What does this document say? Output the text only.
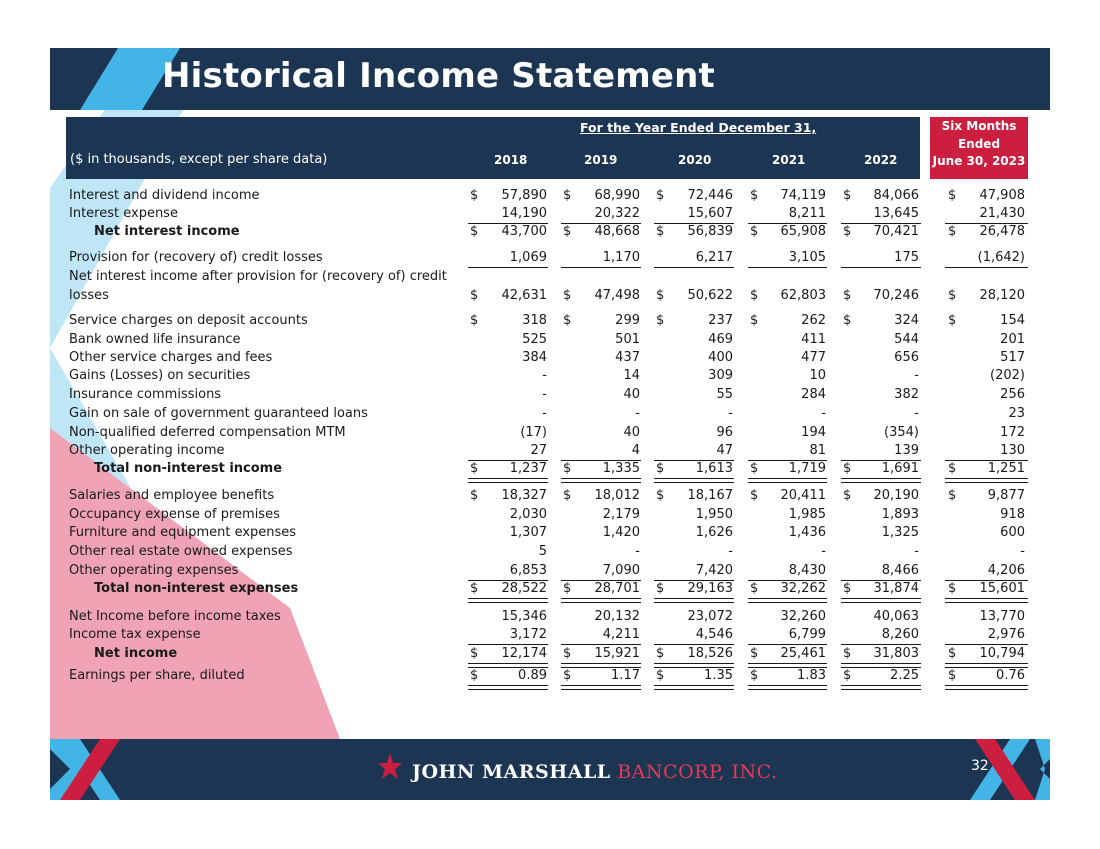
Historical Income Statement
For the Year Ended December 31,
($ in thousands, except per share data)	2018	2019	2020	2021	2022
Six Months
Ended
June 30, 2023
Interest and dividend income	$ 57,890 $ 68,990 $ 72,446 $ 74,119 $ 84,066 $ 47,908
Interest expense	14,190	20,322	15,607	8,211	13,645	21,430
Net interest income	$ 43,700 $ 48,668 $ 56,839 $ 65,908 $ 70,421 $ 26,478
Provision for (recovery of) credit losses	1,069	1,170	6,217	3,105	175	(1,642)
Net interest income after provision for (recovery of) credit
losses	$ 42,631 $ 47,498 $ 50,622 $ 62,803 $ 70,246 $ 28,120
Service charges on deposit accounts	$	318 $	299 $	237 $	262 $	324 $	154
Bank owned life insurance	525	501	469	411	544	201
Other service charges and fees	384	437	400	477	656	517
Gains (Losses) on securities	-	14	309	10	-	(202)
Insurance commissions	-	40	55	284	382	256
Gain on sale of government guaranteed loans	-	-	-	-	-	23
Non-qualified deferred compensation MTM	(17)	40	96	194	(354)	172
Other operating income	27	4	47	81	139	130
Total non-interest income	$ 1,237 $ 1,335 $ 1,613 $ 1,719 $ 1,691 $ 1,251
Salaries and employee benefits	$ 18,327 $ 18,012 $ 18,167 $ 20,411 $ 20,190 $ 9,877
Occupancy expense of premises	2,030	2,179	1,950	1,985	1,893	918
Furniture and equipment expenses	1,307	1,420	1,626	1,436	1,325	600
Other real estate owned expenses	5	-	-	-	-	-
Other operating expenses	6,853	7,090	7,420	8,430	8,466	4,206
Total non-interest expenses	$ 28,522 $ 28,701 $ 29,163 $ 32,262 $ 31,874 $ 15,601
Net Income before income taxes	15,346	20,132	23,072	32,260	40,063	13,770
Income tax expense	3,172	4,211	4,546	6,799	8,260	2,976
Net income	$ 12,174 $ 15,921 $ 18,526 $ 25,461 $ 31,803 $ 10,794
Earnings per share, diluted	$	0.89 $	1.17 $	1.35 $	1.83 $	2.25 $	0.76
JOHN MARSHALL BANCORP, INC.	32
